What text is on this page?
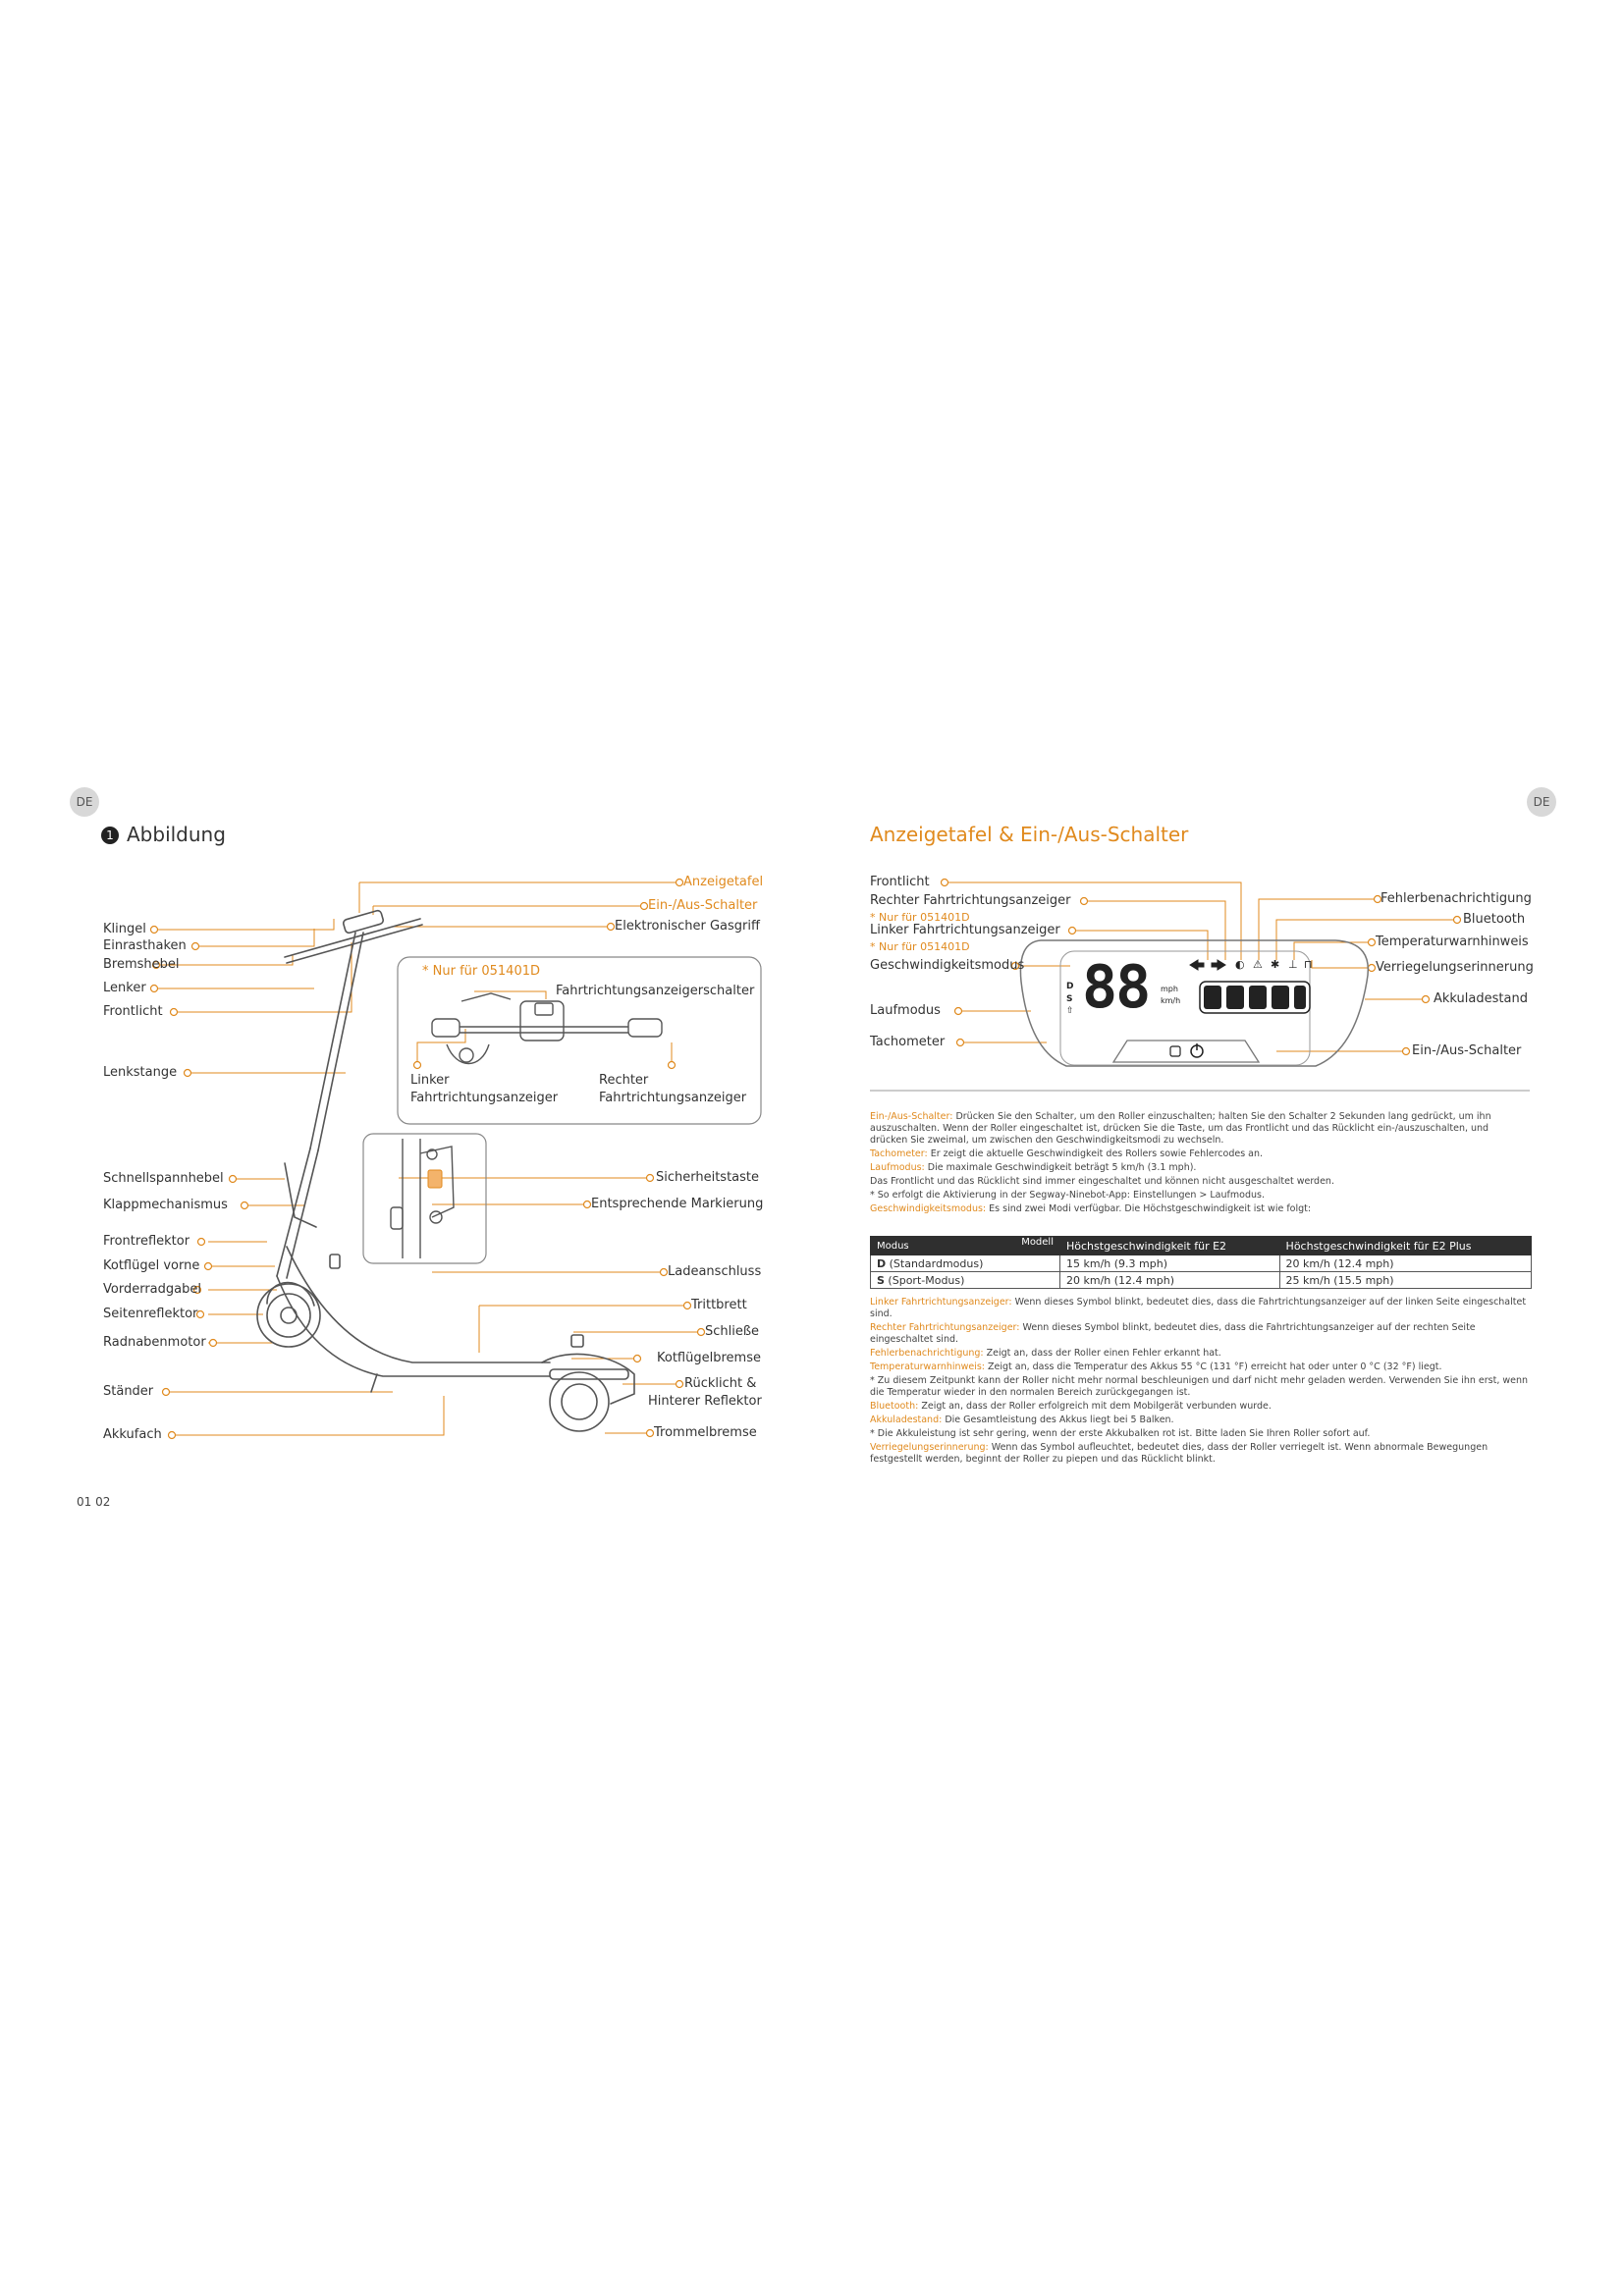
DE	DE
1 Abbildung
Anzeigetafel
Ein-/Aus-Schalter
Elektronischer Gasgriff
Klingel
Einrasthaken
Bremshebel
Lenker
Frontlicht
Lenkstange
Schnellspannhebel
Klappmechanismus
Frontreflektor
Kotflügel vorne
Vorderradgabel
Seitenreflektor
Radnabenmotor
Ständer
Akkufach
Sicherheitstaste
Entsprechende Markierung
Ladeanschluss
Trittbrett
Schließe
Kotflügelbremse
Rücklicht &
Hinterer Reflektor
Trommelbremse
* Nur für 051401D
Fahrtrichtungsanzeigerschalter
Linker
Fahrtrichtungsanzeiger
Rechter
Fahrtrichtungsanzeiger
01 02
Anzeigetafel & Ein-/Aus-Schalter
88 mph
km/h
D
S
⇧
◐ ⚠ ✱ ⊥ ⊓
Frontlicht
Rechter Fahrtrichtungsanzeiger
* Nur für 051401D
Linker Fahrtrichtungsanzeiger
* Nur für 051401D
Geschwindigkeitsmodus
Laufmodus
Tachometer
Fehlerbenachrichtigung
Bluetooth
Temperaturwarnhinweis
Verriegelungserinnerung
Akkuladestand
Ein-/Aus-Schalter

Ein-/Aus-Schalter: Drücken Sie den Schalter, um den Roller einzuschalten; halten Sie den Schalter 2 Sekunden lang gedrückt, um ihn auszuschalten. Wenn der Roller eingeschaltet ist, drücken Sie die Taste, um das Frontlicht und das Rücklicht ein-/auszuschalten, und drücken Sie zweimal, um zwischen den Geschwindigkeitsmodi zu wechseln.

Tachometer: Er zeigt die aktuelle Geschwindigkeit des Rollers sowie Fehlercodes an.

Laufmodus: Die maximale Geschwindigkeit beträgt 5 km/h (3.1 mph).

Das Frontlicht und das Rücklicht sind immer eingeschaltet und können nicht ausgeschaltet werden.

* So erfolgt die Aktivierung in der Segway-Ninebot-App: Einstellungen > Laufmodus.

Geschwindigkeitsmodus: Es sind zwei Modi verfügbar. Die Höchstgeschwindigkeit ist wie folgt:

Modus Modell	Höchstgeschwindigkeit für E2	Höchstgeschwindigkeit für E2 Plus
D (Standardmodus)	15 km/h (9.3 mph)	20 km/h (12.4 mph)
S (Sport-Modus)	20 km/h (12.4 mph)	25 km/h (15.5 mph)

Linker Fahrtrichtungsanzeiger: Wenn dieses Symbol blinkt, bedeutet dies, dass die Fahrtrichtungsanzeiger auf der linken Seite eingeschaltet sind.

Rechter Fahrtrichtungsanzeiger: Wenn dieses Symbol blinkt, bedeutet dies, dass die Fahrtrichtungsanzeiger auf der rechten Seite eingeschaltet sind.

Fehlerbenachrichtigung: Zeigt an, dass der Roller einen Fehler erkannt hat.

Temperaturwarnhinweis: Zeigt an, dass die Temperatur des Akkus 55 °C (131 °F) erreicht hat oder unter 0 °C (32 °F) liegt.

* Zu diesem Zeitpunkt kann der Roller nicht mehr normal beschleunigen und darf nicht mehr geladen werden. Verwenden Sie ihn erst, wenn die Temperatur wieder in den normalen Bereich zurückgegangen ist.

Bluetooth: Zeigt an, dass der Roller erfolgreich mit dem Mobilgerät verbunden wurde.

Akkuladestand: Die Gesamtleistung des Akkus liegt bei 5 Balken.

* Die Akkuleistung ist sehr gering, wenn der erste Akkubalken rot ist. Bitte laden Sie Ihren Roller sofort auf.

Verriegelungserinnerung: Wenn das Symbol aufleuchtet, bedeutet dies, dass der Roller verriegelt ist. Wenn abnormale Bewegungen festgestellt werden, beginnt der Roller zu piepen und das Rücklicht blinkt.
